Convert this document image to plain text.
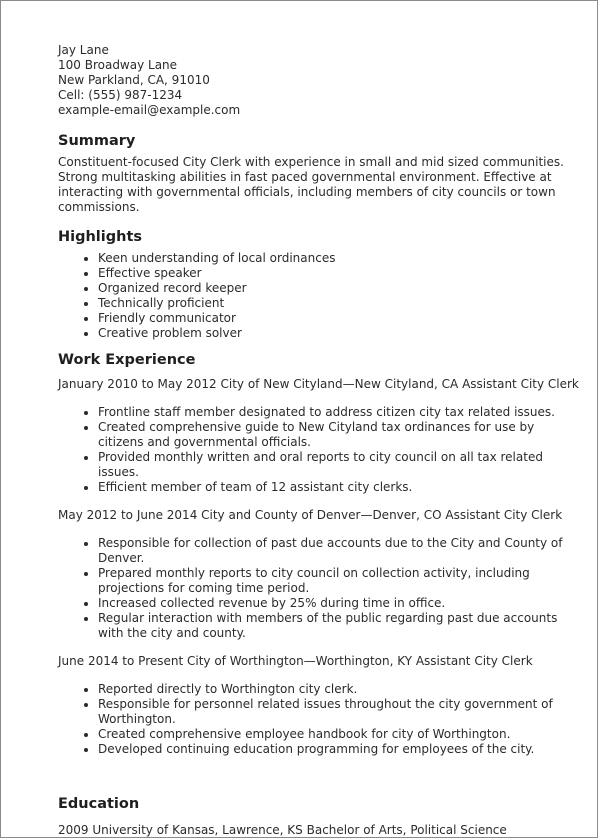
Jay Lane
100 Broadway Lane
New Parkland, CA, 91010
Cell: (555) 987-1234
example-email@example.com
Summary
Constituent-focused City Clerk with experience in small and mid sized communities. Strong multitasking abilities in fast paced governmental environment. Effective at interacting with governmental officials, including members of city councils or town commissions.
Highlights
• Keen understanding of local ordinances
• Effective speaker
• Organized record keeper
• Technically proficient
• Friendly communicator
• Creative problem solver
Work Experience
January 2010 to May 2012 City of New Cityland—New Cityland, CA Assistant City Clerk
• Frontline staff member designated to address citizen city tax related issues.
• Created comprehensive guide to New Cityland tax ordinances for use by citizens and governmental officials.
• Provided monthly written and oral reports to city council on all tax related issues.
• Efficient member of team of 12 assistant city clerks.
May 2012 to June 2014 City and County of Denver—Denver, CO Assistant City Clerk
• Responsible for collection of past due accounts due to the City and County of Denver.
• Prepared monthly reports to city council on collection activity, including projections for coming time period.
• Increased collected revenue by 25% during time in office.
• Regular interaction with members of the public regarding past due accounts with the city and county.
June 2014 to Present City of Worthington—Worthington, KY Assistant City Clerk
• Reported directly to Worthington city clerk.
• Responsible for personnel related issues throughout the city government of Worthington.
• Created comprehensive employee handbook for city of Worthington.
• Developed continuing education programming for employees of the city.
Education
2009 University of Kansas, Lawrence, KS Bachelor of Arts, Political Science
